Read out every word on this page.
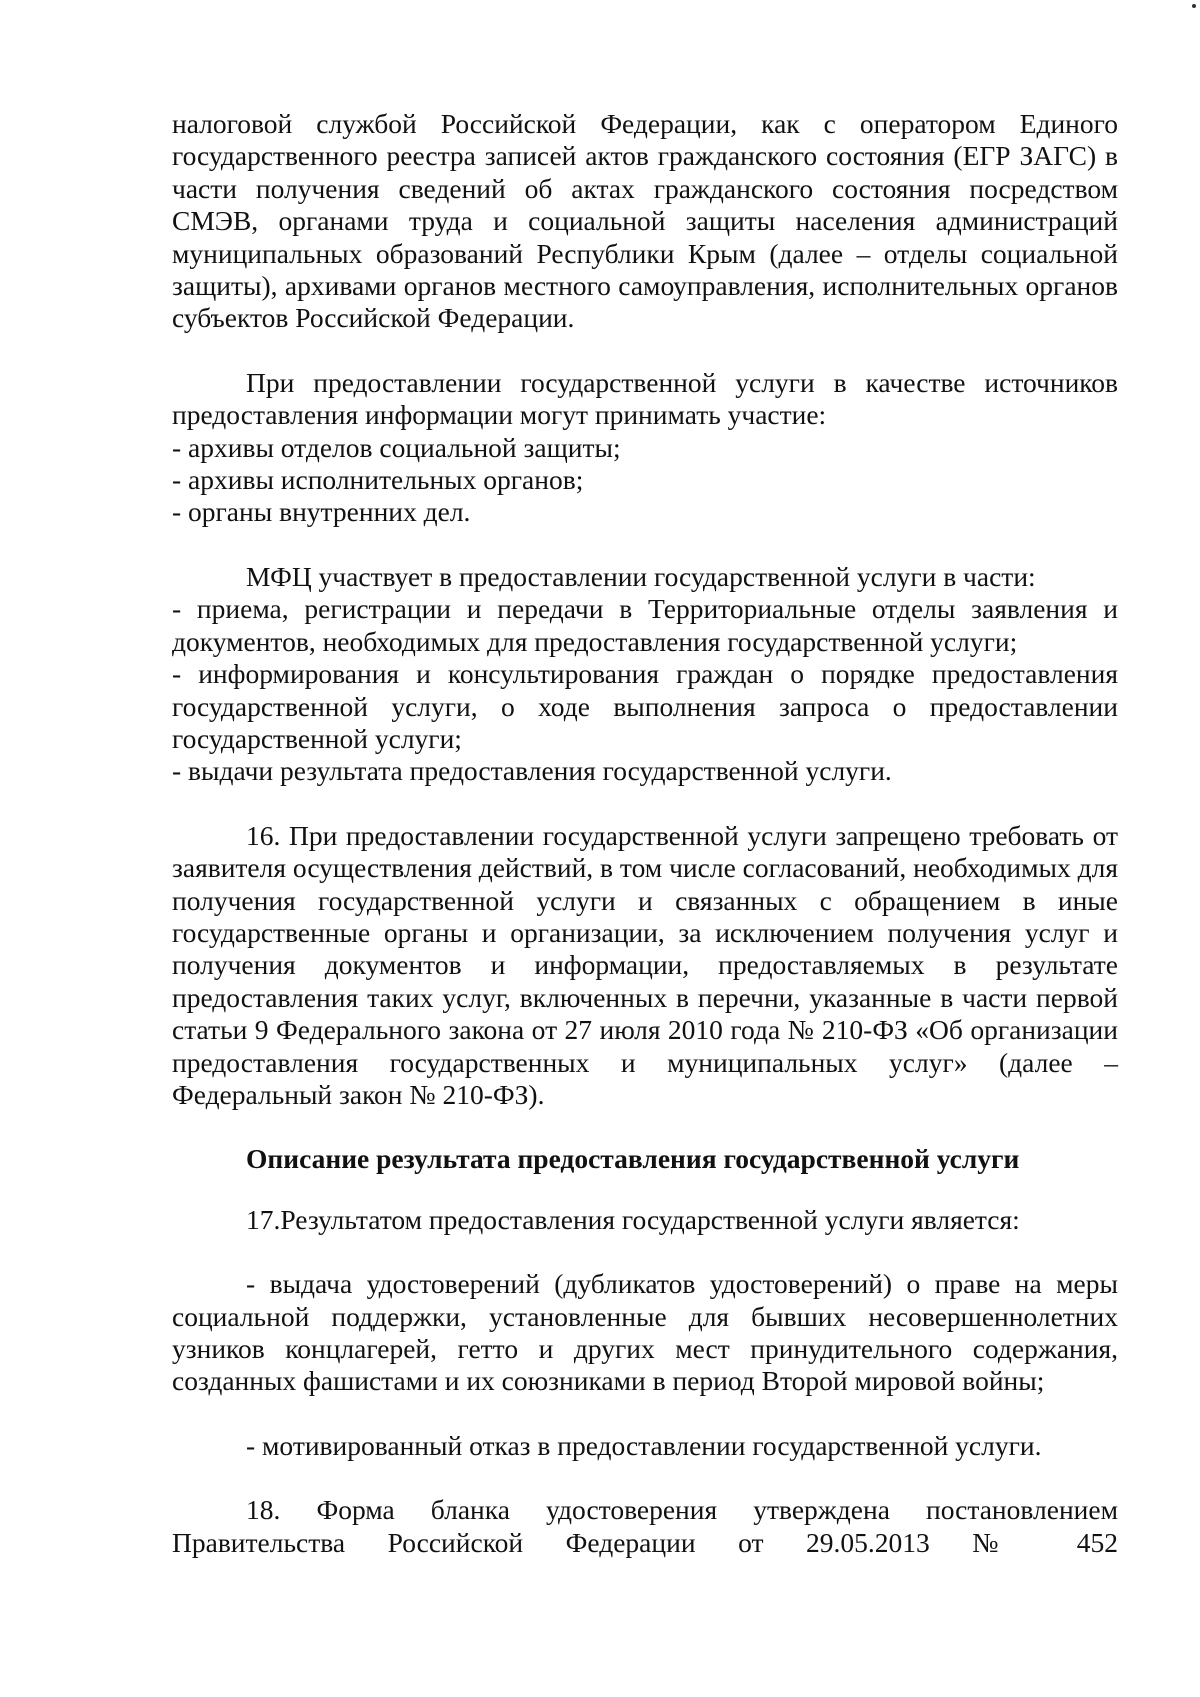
налоговой службой Российской Федерации, как с оператором Единого государственного реестра записей актов гражданского состояния (ЕГР ЗАГС) в части получения сведений об актах гражданского состояния посредством СМЭВ, органами труда и социальной защиты населения администраций муниципальных образований Республики Крым (далее – отделы социальной защиты), архивами органов местного самоуправления, исполнительных органов субъектов Российской Федерации.

При предоставлении государственной услуги в качестве источников предоставления информации могут принимать участие:

- архивы отделов социальной защиты;

- архивы исполнительных органов;

- органы внутренних дел.

МФЦ участвует в предоставлении государственной услуги в части:

- приема, регистрации и передачи в Территориальные отделы заявления и документов, необходимых для предоставления государственной услуги;

- информирования и консультирования граждан о порядке предоставления государственной услуги, о ходе выполнения запроса о предоставлении государственной услуги;

- выдачи результата предоставления государственной услуги.

16. При предоставлении государственной услуги запрещено требовать от заявителя осуществления действий, в том числе согласований, необходимых для получения государственной услуги и связанных с обращением в иные государственные органы и организации, за исключением получения услуг и получения документов и информации, предоставляемых в результате предоставления таких услуг, включенных в перечни, указанные в части первой статьи 9 Федерального закона от 27 июля 2010 года № 210-ФЗ «Об организации предоставления государственных и муниципальных услуг» (далее – Федеральный закон № 210-ФЗ).

Описание результата предоставления государственной услуги

17.Результатом предоставления государственной услуги является:

- выдача удостоверений (дубликатов удостоверений) о праве на меры социальной поддержки, установленные для бывших несовершеннолетних узников концлагерей, гетто и других мест принудительного содержания, созданных фашистами и их союзниками в период Второй мировой войны;

- мотивированный отказ в предоставлении государственной услуги.

18. Форма бланка удостоверения утверждена постановлением Правительства Российской Федерации от 29.05.2013 № 452
